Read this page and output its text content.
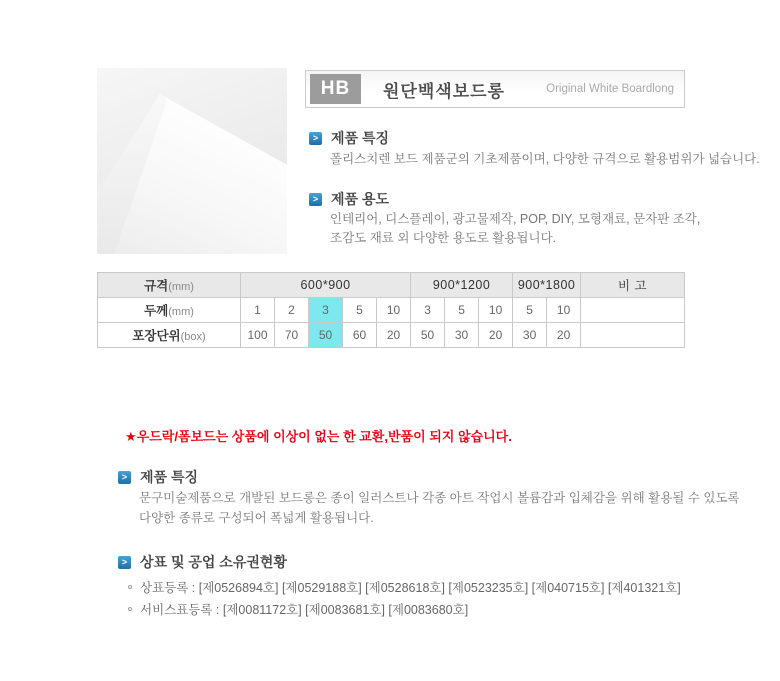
HB	원단백색보드롱	Original White Boardlong
> 제품 특징
폴리스치렌 보드 제품군의 기초제품이며, 다양한 규격으로 활용범위가 넓습니다.
> 제품 용도
인테리어, 디스플레이, 광고물제작, POP, DIY, 모형재료, 문자판 조각,
조감도 재료 외 다양한 용도로 활용됩니다.
규격(mm)	600*900					900*1200			900*1800		비 고
두께(mm)	1	2	3	5	10	3	5	10	5	10	
포장단위(box)	100	70	50	60	20	50	30	20	30	20	
★우드락/폼보드는 상품에 이상이 없는 한 교환,반품이 되지 않습니다.
> 제품 특징
문구미술제품으로 개발된 보드롱은 종이 일러스트나 각종 아트 작업시 볼륨감과 입체감을 위해 활용될 수 있도록
다양한 종류로 구성되어 폭넓게 활용됩니다.
> 상표 및 공업 소유권현황
상표등록 : [제0526894호] [제0529188호] [제0528618호] [제0523235호] [제040715호] [제401321호]
서비스표등록 : [제0081172호] [제0083681호] [제0083680호]
